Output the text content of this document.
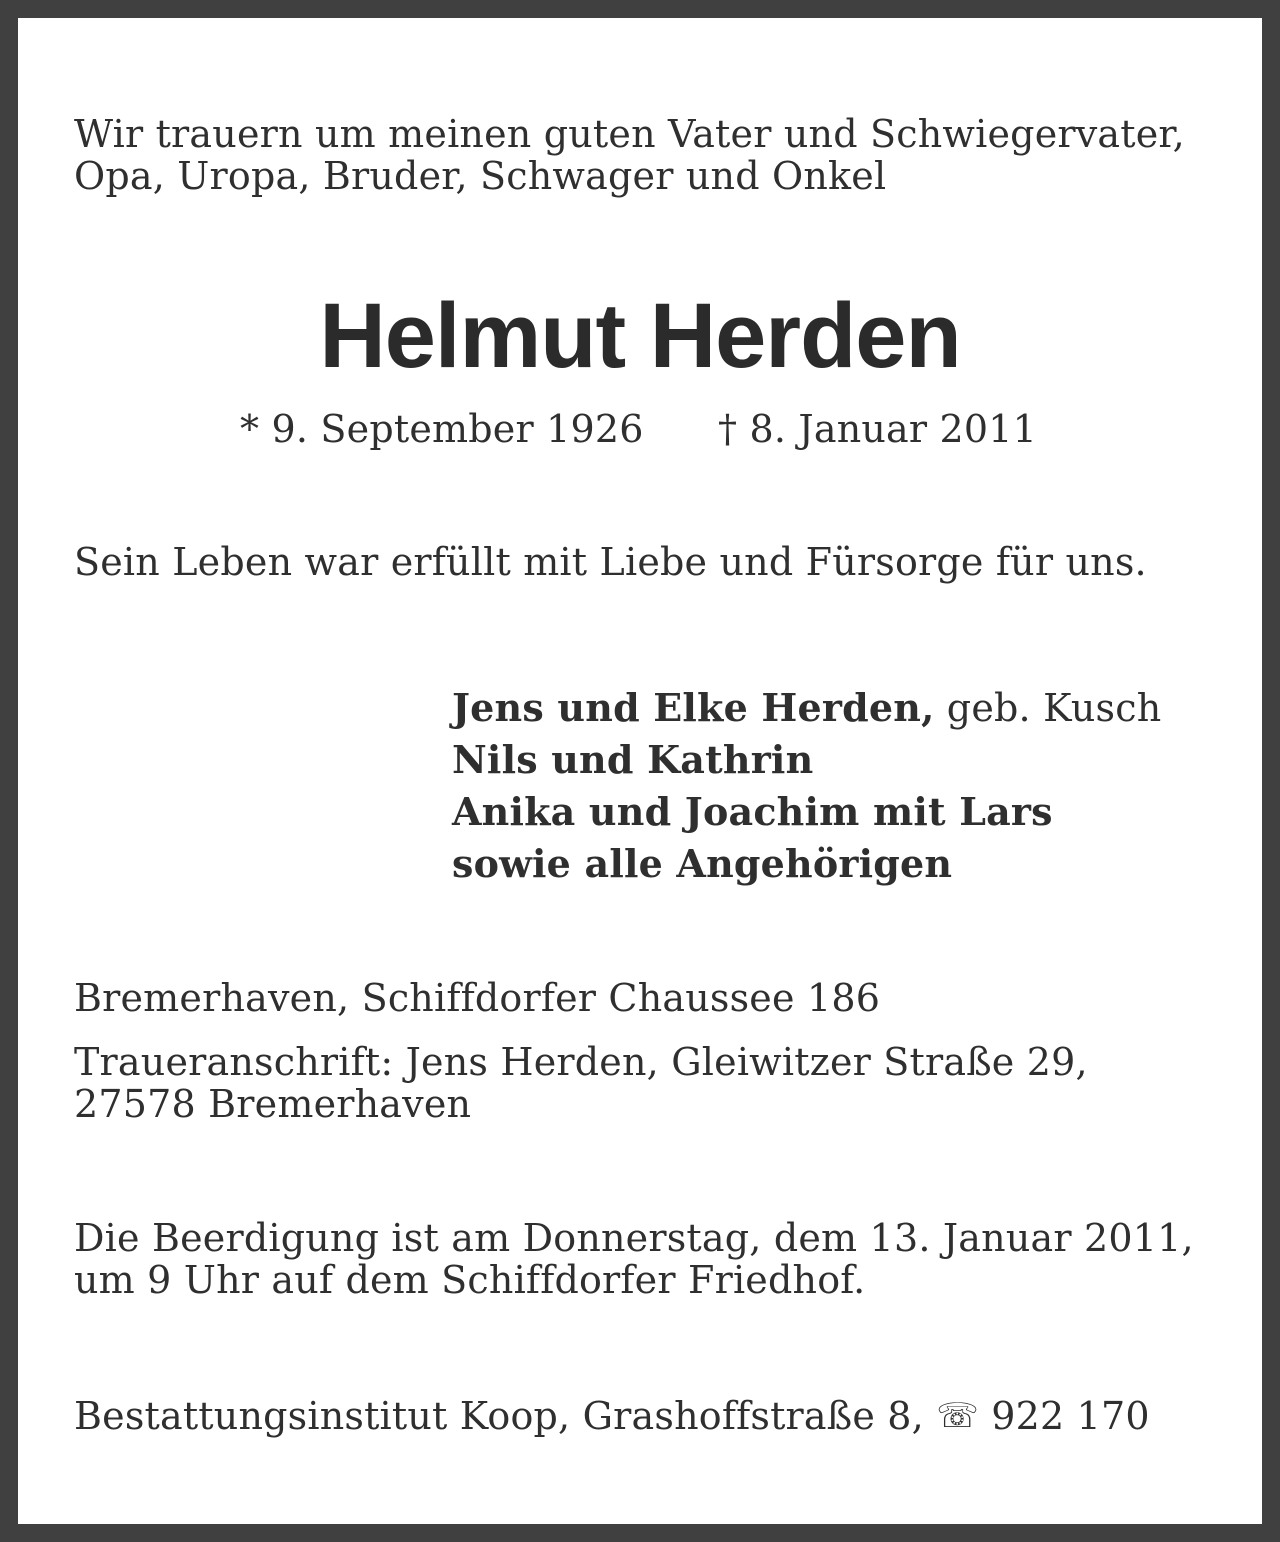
Wir trauern um meinen guten Vater und Schwiegervater,
Opa, Uropa, Bruder, Schwager und Onkel
Helmut Herden
* 9. September 1926 † 8. Januar 2011
Sein Leben war erfüllt mit Liebe und Fürsorge für uns.
Jens und Elke Herden, geb. Kusch
Nils und Kathrin
Anika und Joachim mit Lars
sowie alle Angehörigen
Bremerhaven, Schiffdorfer Chaussee 186
Traueranschrift: Jens Herden, Gleiwitzer Straße 29,
27578 Bremerhaven
Die Beerdigung ist am Donnerstag, dem 13. Januar 2011,
um 9 Uhr auf dem Schiffdorfer Friedhof.
Bestattungsinstitut Koop, Grashoffstraße 8, ☏ 922 170
